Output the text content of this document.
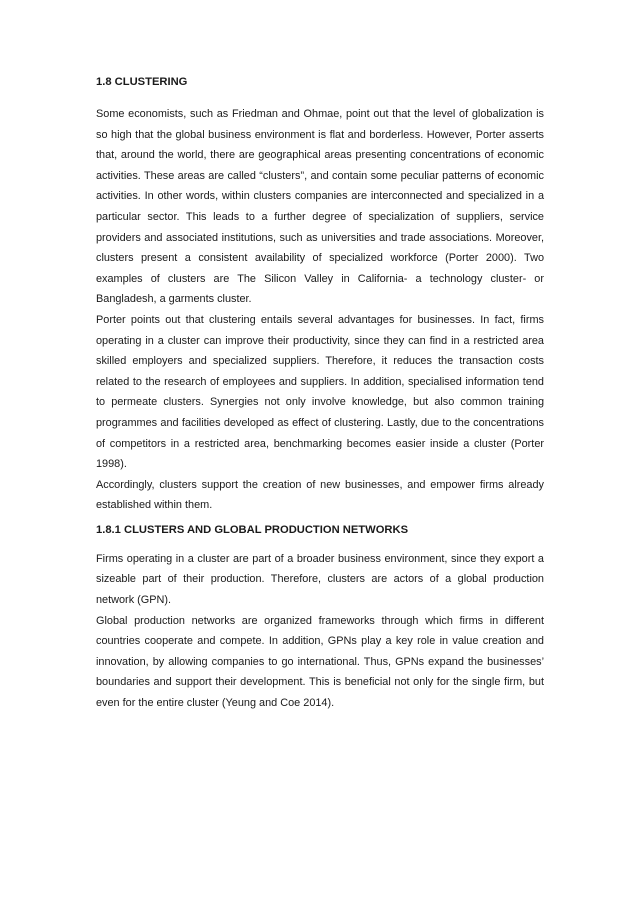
1.8 CLUSTERING

Some economists, such as Friedman and Ohmae, point out that the level of globalization is so high that the global business environment is flat and borderless. However, Porter asserts that, around the world, there are geographical areas presenting concentrations of economic activities. These areas are called “clusters”, and contain some peculiar patterns of economic activities. In other words, within clusters companies are interconnected and specialized in a particular sector. This leads to a further degree of specialization of suppliers, service providers and associated institutions, such as universities and trade associations. Moreover, clusters present a consistent availability of specialized workforce (Porter 2000). Two examples of clusters are The Silicon Valley in California- a technology cluster- or Bangladesh, a garments cluster.

Porter points out that clustering entails several advantages for businesses. In fact, firms operating in a cluster can improve their productivity, since they can find in a restricted area skilled employers and specialized suppliers. Therefore, it reduces the transaction costs related to the research of employees and suppliers. In addition, specialised information tend to permeate clusters. Synergies not only involve knowledge, but also common training programmes and facilities developed as effect of clustering. Lastly, due to the concentrations of competitors in a restricted area, benchmarking becomes easier inside a cluster (Porter 1998).

Accordingly, clusters support the creation of new businesses, and empower firms already established within them.

1.8.1 CLUSTERS AND GLOBAL PRODUCTION NETWORKS

Firms operating in a cluster are part of a broader business environment, since they export a sizeable part of their production. Therefore, clusters are actors of a global production network (GPN).

Global production networks are organized frameworks through which firms in different countries cooperate and compete. In addition, GPNs play a key role in value creation and innovation, by allowing companies to go international. Thus, GPNs expand the businesses’ boundaries and support their development. This is beneficial not only for the single firm, but even for the entire cluster (Yeung and Coe 2014).
